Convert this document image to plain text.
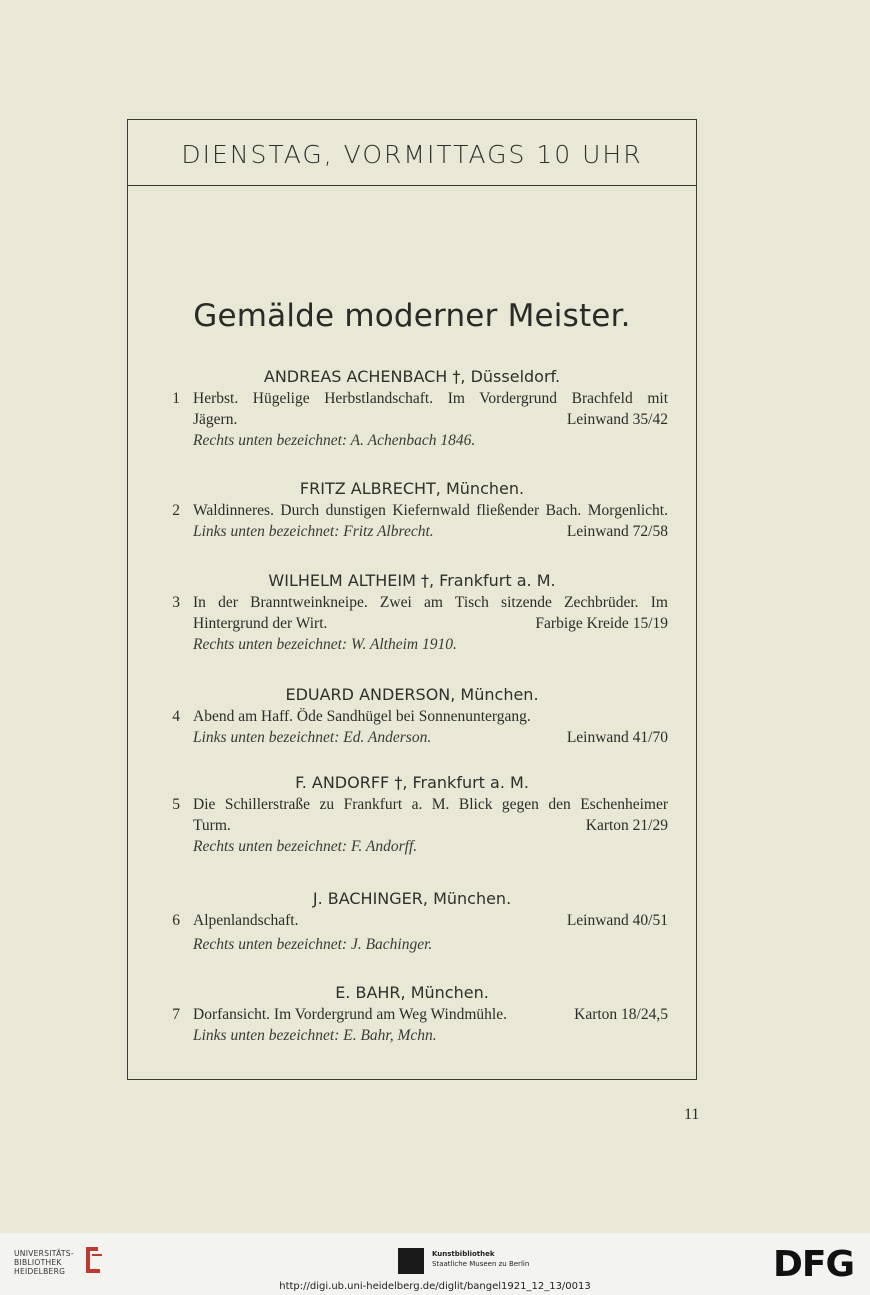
DIENSTAG, VORMITTAGS 10 UHR
Gemälde moderner Meister.
ANDREAS ACHENBACH †, Düsseldorf.
1 Herbst. Hügelige Herbstlandschaft. Im Vordergrund Brachfeld mit
Jägern.	Leinwand 35/42
Rechts unten bezeichnet: A. Achenbach 1846.
FRITZ ALBRECHT, München.
2 Waldinneres. Durch dunstigen Kiefernwald fließender Bach. Morgenlicht.
Links unten bezeichnet: Fritz Albrecht.	Leinwand 72/58
WILHELM ALTHEIM †, Frankfurt a. M.
3 In der Branntweinkneipe. Zwei am Tisch sitzende Zechbrüder. Im
Hintergrund der Wirt.	Farbige Kreide 15/19
Rechts unten bezeichnet: W. Altheim 1910.
EDUARD ANDERSON, München.
4 Abend am Haff. Öde Sandhügel bei Sonnenuntergang.
Links unten bezeichnet: Ed. Anderson.	Leinwand 41/70
F. ANDORFF †, Frankfurt a. M.
5 Die Schillerstraße zu Frankfurt a. M. Blick gegen den Eschenheimer
Turm.	Karton 21/29
Rechts unten bezeichnet: F. Andorff.
J. BACHINGER, München.
6 Alpenlandschaft.	Leinwand 40/51
Rechts unten bezeichnet: J. Bachinger.
E. BAHR, München.
7 Dorfansicht. Im Vordergrund am Weg Windmühle.	Karton 18/24,5
Links unten bezeichnet: E. Bahr, Mchn.
11
UNIVERSITÄTS-
BIBLIOTHEK
HEIDELBERG
Kunstbibliothek
Staatliche Museen zu Berlin	DFG
http://digi.ub.uni-heidelberg.de/diglit/bangel1921_12_13/0013
